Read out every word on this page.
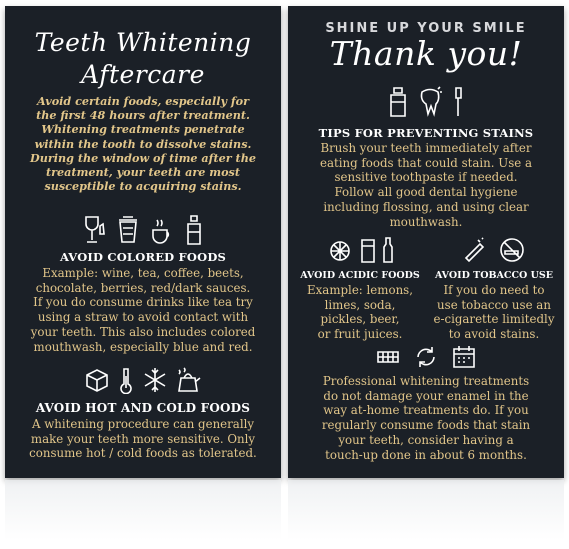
Teeth Whitening
Aftercare
Avoid certain foods, especially for
the first 48 hours after treatment.
Whitening treatments penetrate
within the tooth to dissolve stains.
During the window of time after the
treatment, your teeth are most
susceptible to acquiring stains.
AVOID COLORED FOODS
Example: wine, tea, coffee, beets,
chocolate, berries, red/dark sauces.
If you do consume drinks like tea try
using a straw to avoid contact with
your teeth. This also includes colored
mouthwash, especially blue and red.
AVOID HOT AND COLD FOODS
A whitening procedure can generally
make your teeth more sensitive. Only
consume hot / cold foods as tolerated.
SHINE UP YOUR SMILE
Thank you!
TIPS FOR PREVENTING STAINS
Brush your teeth immediately after
eating foods that could stain. Use a
sensitive toothpaste if needed.
Follow all good dental hygiene
including flossing, and using clear
mouthwash.
AVOID ACIDIC FOODS
Example: lemons,
limes, soda,
pickles, beer,
or fruit juices.
AVOID TOBACCO USE
If you do need to
use tobacco use an
e-cigarette limitedly
to avoid stains.
Professional whitening treatments
do not damage your enamel in the
way at-home treatments do. If you
regularly consume foods that stain
your teeth, consider having a
touch-up done in about 6 months.
